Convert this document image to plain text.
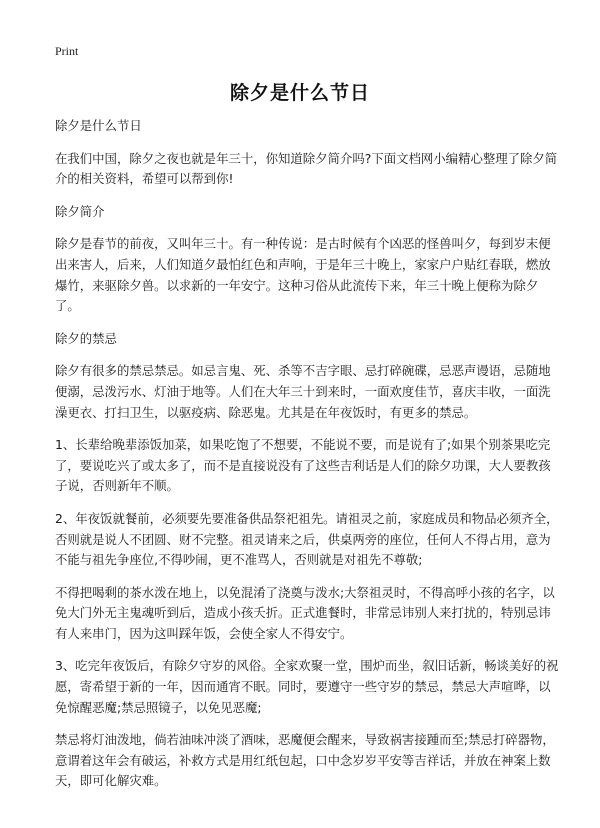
Print
除夕是什么节日
除夕是什么节日

在我们中国，除夕之夜也就是年三十，你知道除夕简介吗?下面文档网小编精心整理了除夕简介的相关资料，希望可以帮到你!

除夕简介

除夕是春节的前夜，又叫年三十。有一种传说：是古时候有个凶恶的怪兽叫夕，每到岁末便出来害人，后来，人们知道夕最怕红色和声响，于是年三十晚上，家家户户贴红春联，燃放爆竹，来驱除夕兽。以求新的一年安宁。这种习俗从此流传下来，年三十晚上便称为除夕了。

除夕的禁忌

除夕有很多的禁忌禁忌。如忌言鬼、死、杀等不吉字眼、忌打碎碗碟，忌恶声谩语，忌随地便溺，忌泼污水、灯油于地等。人们在大年三十到来时，一面欢度佳节，喜庆丰收，一面洗澡更衣、打扫卫生，以驱疫病、除恶鬼。尤其是在年夜饭时，有更多的禁忌。

1、长辈给晚辈添饭加菜，如果吃饱了不想要，不能说不要，而是说有了;如果个别茶果吃完了，要说吃兴了或太多了，而不是直接说没有了这些吉利话是人们的除夕功课，大人要教孩子说，否则新年不顺。

2、年夜饭就餐前，必须要先要准备供品祭祀祖先。请祖灵之前，家庭成员和物品必须齐全，否则就是说人不团圆、财不完整。祖灵请来之后，供桌两旁的座位，任何人不得占用，意为不能与祖先争座位,不得吵闹，更不准骂人，否则就是对祖先不尊敬;

不得把喝剩的茶水泼在地上，以免混淆了浇奠与泼水;大祭祖灵时，不得高呼小孩的名字，以免大门外无主鬼魂听到后，造成小孩夭折。正式進餐时，非常忌讳别人来打扰的，特别忌讳有人来串门，因为这叫踩年饭，会使全家人不得安宁。

3、吃完年夜饭后，有除夕守岁的风俗。全家欢聚一堂，围炉而坐，叙旧话新，畅谈美好的祝愿，寄希望于新的一年，因而通宵不眠。同时，要遵守一些守岁的禁忌，禁忌大声喧哗，以免惊醒恶魔;禁忌照镜子，以免见恶魔;

禁忌将灯油泼地，倘若油味冲淡了酒味，恶魔便会醒来，导致祸害接踵而至;禁忌打碎器物，意谓着这年会有破运，补救方式是用红纸包起，口中念岁岁平安等吉祥话，并放在神案上数天，即可化解灾难。
